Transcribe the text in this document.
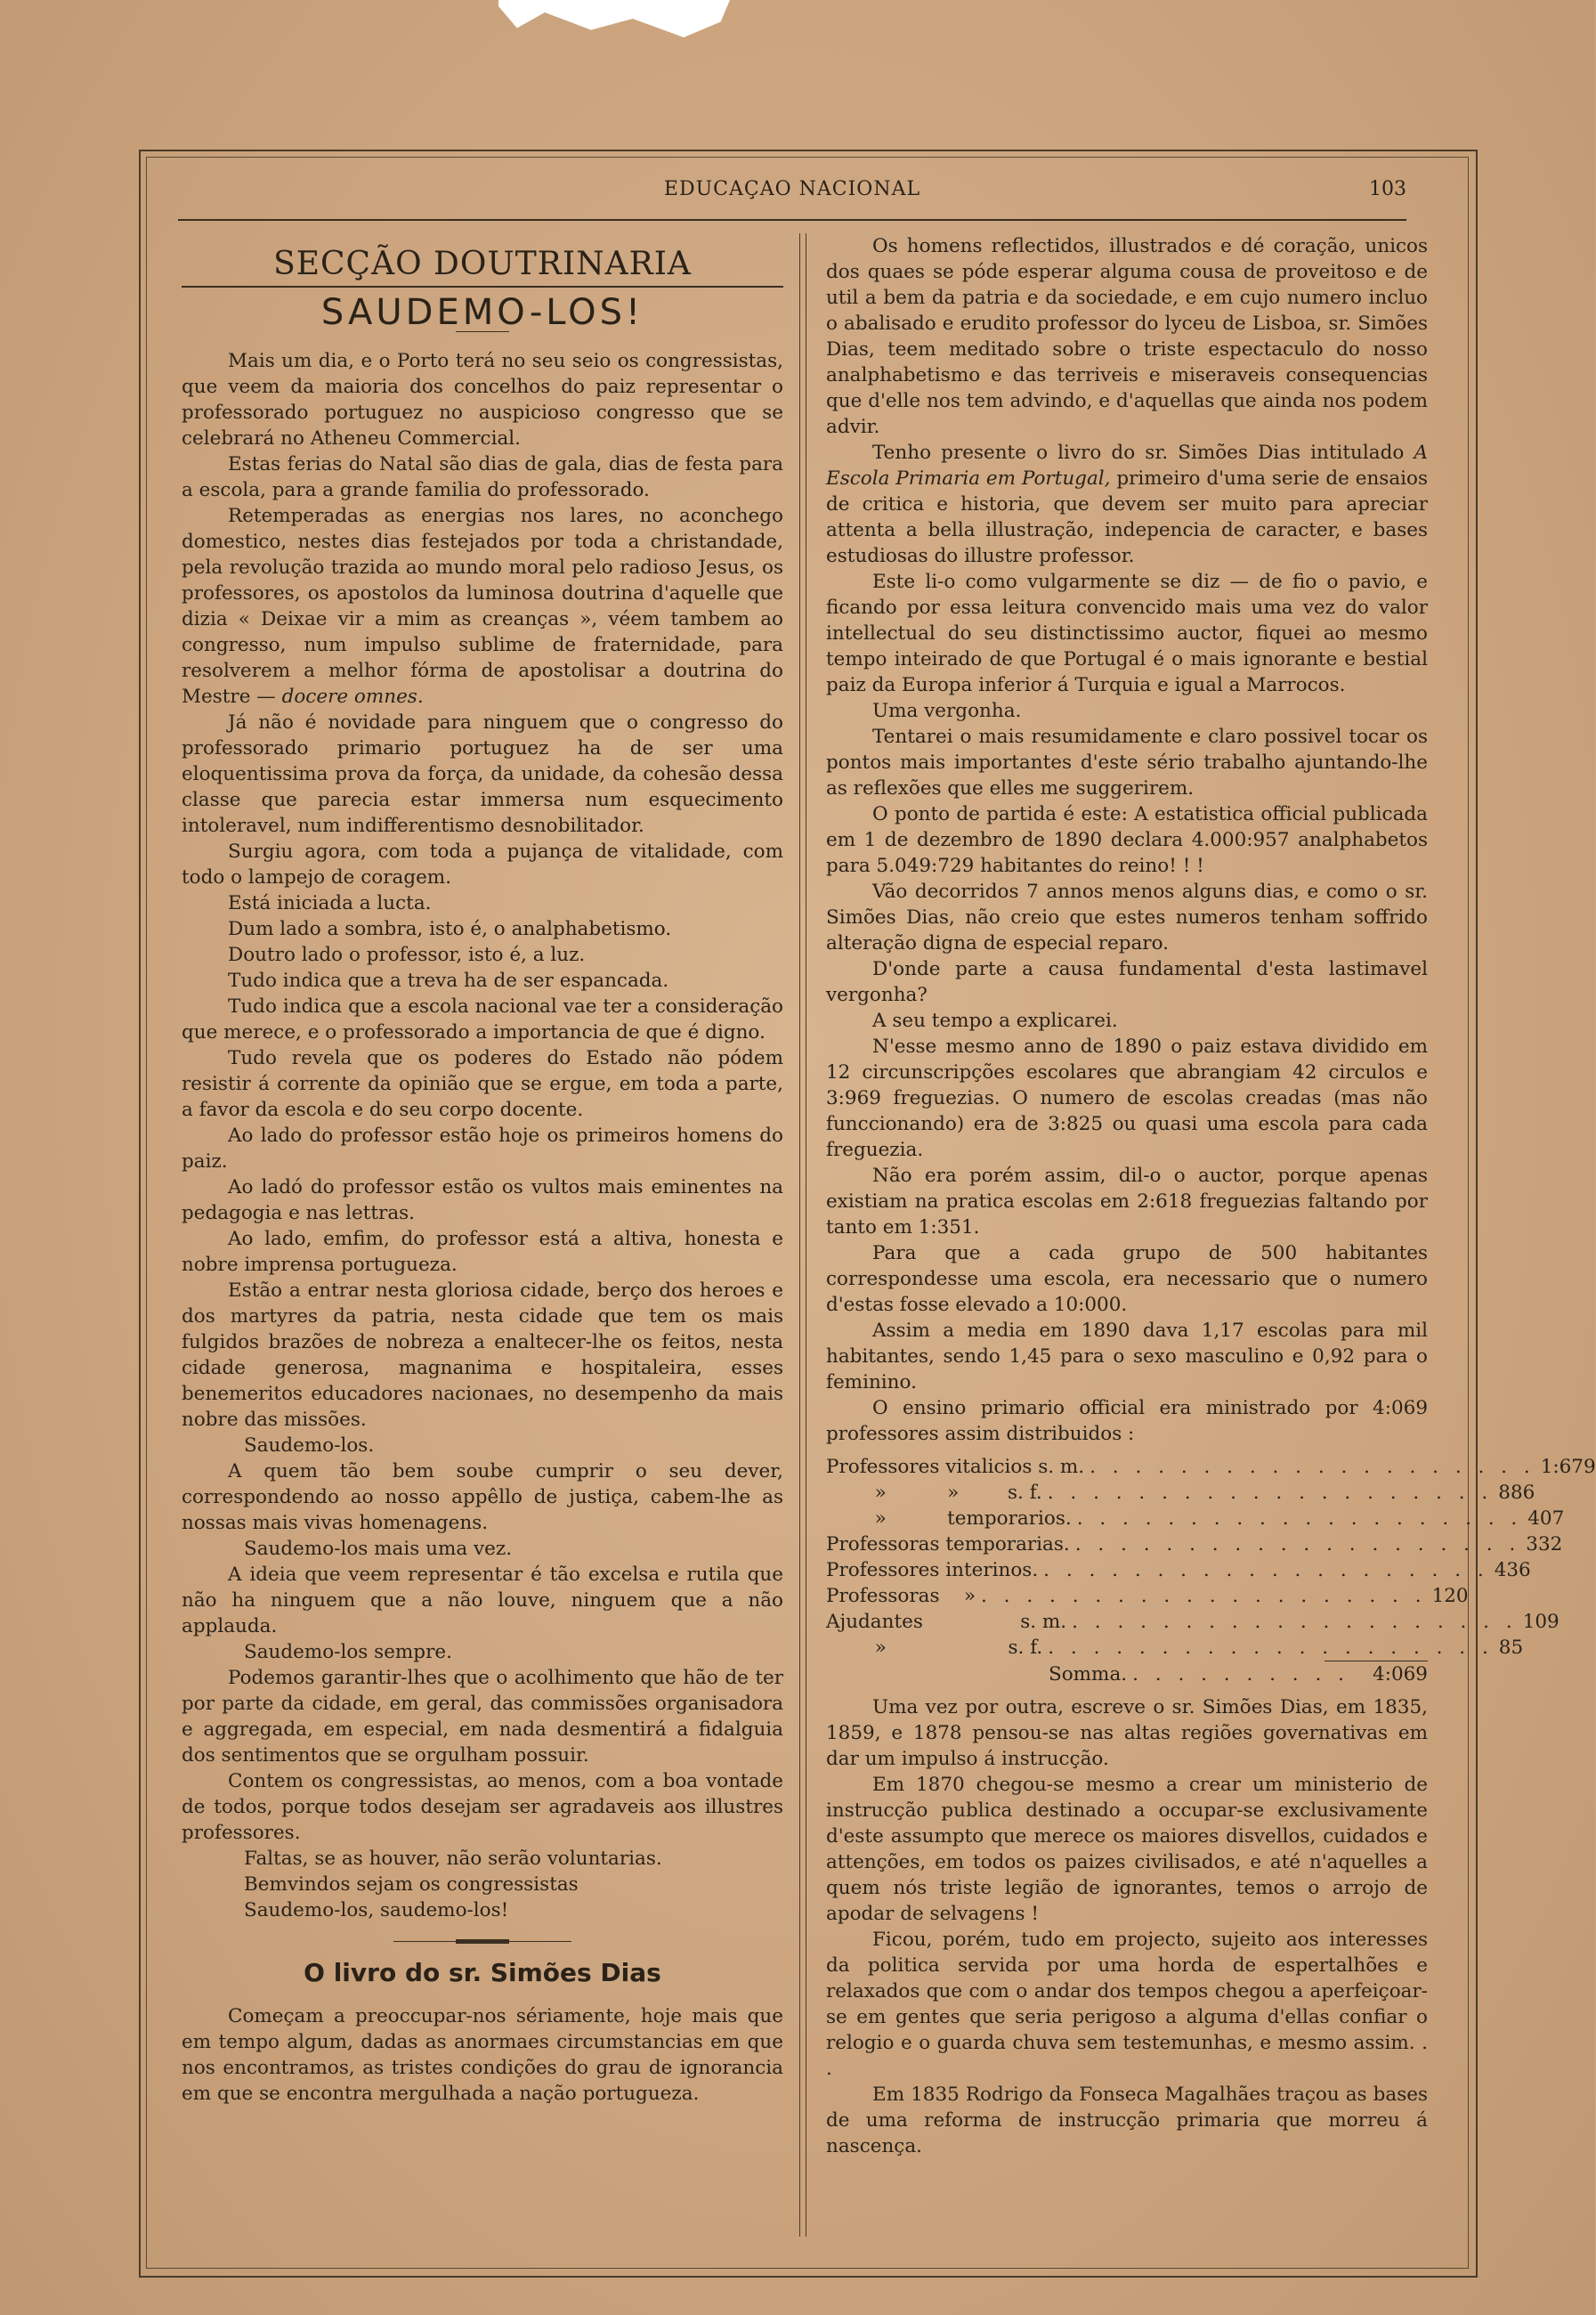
EDUCAÇAO NACIONAL	103
SECÇÃO DOUTRINARIA
SAUDEMO-LOS!

Mais um dia, e o Porto terá no seu seio os congressistas, que veem da maioria dos concelhos do paiz representar o professorado portuguez no auspicioso congresso que se celebrará no Atheneu Commercial.

Estas ferias do Natal são dias de gala, dias de festa para a escola, para a grande familia do professorado.

Retemperadas as energias nos lares, no aconchego domestico, nestes dias festejados por toda a christandade, pela revolução trazida ao mundo moral pelo radioso Jesus, os professores, os apostolos da luminosa doutrina d'aquelle que dizia « Deixae vir a mim as creanças », véem tambem ao congresso, num impulso sublime de fraternidade, para resolverem a melhor fórma de apostolisar a doutrina do Mestre — docere omnes.

Já não é novidade para ninguem que o congresso do professorado primario portuguez ha de ser uma eloquentissima prova da força, da unidade, da cohesão dessa classe que parecia estar immersa num esquecimento intoleravel, num indifferentismo desnobilitador.

Surgiu agora, com toda a pujança de vitalidade, com todo o lampejo de coragem.

Está iniciada a lucta.

Dum lado a sombra, isto é, o analphabetismo.

Doutro lado o professor, isto é, a luz.

Tudo indica que a treva ha de ser espancada.

Tudo indica que a escola nacional vae ter a consideração que merece, e o professorado a importancia de que é digno.

Tudo revela que os poderes do Estado não pódem resistir á corrente da opinião que se ergue, em toda a parte, a favor da escola e do seu corpo docente.

Ao lado do professor estão hoje os primeiros homens do paiz.

Ao ladó do professor estão os vultos mais eminentes na pedagogia e nas lettras.

Ao lado, emfim, do professor está a altiva, honesta e nobre imprensa portugueza.

Estão a entrar nesta gloriosa cidade, berço dos heroes e dos martyres da patria, nesta cidade que tem os mais fulgidos brazões de nobreza a enaltecer-lhe os feitos, nesta cidade generosa, magnanima e hospitaleira, esses benemeritos educadores nacionaes, no desempenho da mais nobre das missões.

Saudemo-los.

A quem tão bem soube cumprir o seu dever, correspondendo ao nosso appêllo de justiça, cabem-lhe as nossas mais vivas homenagens.

Saudemo-los mais uma vez.

A ideia que veem representar é tão excelsa e rutila que não ha ninguem que a não louve, ninguem que a não applauda.

Saudemo-los sempre.

Podemos garantir-lhes que o acolhimento que hão de ter por parte da cidade, em geral, das commissões organisadora e aggregada, em especial, em nada desmentirá a fidalguia dos sentimentos que se orgulham possuir.

Contem os congressistas, ao menos, com a boa vontade de todos, porque todos desejam ser agradaveis aos illustres professores.

Faltas, se as houver, não serão voluntarias.

Bemvindos sejam os congressistas

Saudemo-los, saudemo-los!

O livro do sr. Simões Dias

Começam a preoccupar-nos sériamente, hoje mais que em tempo algum, dadas as anormaes circumstancias em que nos encontramos, as tristes condições do grau de ignorancia em que se encontra mergulhada a nação portugueza.

Os homens reflectidos, illustrados e dé coração, unicos dos quaes se póde esperar alguma cousa de proveitoso e de util a bem da patria e da sociedade, e em cujo numero incluo o abalisado e erudito professor do lyceu de Lisboa, sr. Simões Dias, teem meditado sobre o triste espectaculo do nosso analphabetismo e das terriveis e miseraveis consequencias que d'elle nos tem advindo, e d'aquellas que ainda nos podem advir.

Tenho presente o livro do sr. Simões Dias intitulado A Escola Primaria em Portugal, primeiro d'uma serie de ensaios de critica e historia, que devem ser muito para apreciar attenta a bella illustração, indepencia de caracter, e bases estudiosas do illustre professor.

Este li-o como vulgarmente se diz — de fio o pavio, e ficando por essa leitura convencido mais uma vez do valor intellectual do seu distinctissimo auctor, fiquei ao mesmo tempo inteirado de que Portugal é o mais ignorante e bestial paiz da Europa inferior á Turquia e igual a Marrocos.

Uma vergonha.

Tentarei o mais resumidamente e claro possivel tocar os pontos mais importantes d'este sério trabalho ajuntando-lhe as reflexões que elles me suggerirem.

O ponto de partida é este: A estatistica official publicada em 1 de dezembro de 1890 declara 4.000:957 analphabetos para 5.049:729 habitantes do reino! ! !

Vão decorridos 7 annos menos alguns dias, e como o sr. Simões Dias, não creio que estes numeros tenham soffrido alteração digna de especial reparo.

D'onde parte a causa fundamental d'esta lastimavel vergonha?

A seu tempo a explicarei.

N'esse mesmo anno de 1890 o paiz estava dividido em 12 circunscripções escolares que abrangiam 42 circulos e 3:969 freguezias. O numero de escolas creadas (mas não funccionando) era de 3:825 ou quasi uma escola para cada freguezia.

Não era porém assim, dil-o o auctor, porque apenas existiam na pratica escolas em 2:618 freguezias faltando por tanto em 1:351.

Para que a cada grupo de 500 habitantes correspondesse uma escola, era necessario que o numero d'estas fosse elevado a 10:000.

Assim a media em 1890 dava 1,17 escolas para mil habitantes, sendo 1,45 para o sexo masculino e 0,92 para o feminino.

O ensino primario official era ministrado por 4:069 professores assim distribuidos :

Professores vitalicios s. m. . . . . . . . . . . . . . . . . . . . . 1:679
»          »        s. f. . . . . . . . . . . . . . . . . . . . . 886
»          temporarios. . . . . . . . . . . . . . . . . . . . . 407
Professoras temporarias. . . . . . . . . . . . . . . . . . . . . 332
Professores interinos. . . . . . . . . . . . . . . . . . . . . 436
Professoras    » . . . . . . . . . . . . . . . . . . . . 120
Ajudantes                s. m. . . . . . . . . . . . . . . . . . . . . 109
»                    s. f. . . . . . . . . . . . . . . . . . . . . 85
Somma. . . . . . . . . . .	4:069

Uma vez por outra, escreve o sr. Simões Dias, em 1835, 1859, e 1878 pensou-se nas altas regiões governativas em dar um impulso á instrucção.

Em 1870 chegou-se mesmo a crear um ministerio de instrucção publica destinado a occupar-se exclusivamente d'este assumpto que merece os maiores disvellos, cuidados e attenções, em todos os paizes civilisados, e até n'aquelles a quem nós triste legião de ignorantes, temos o arrojo de apodar de selvagens !

Ficou, porém, tudo em projecto, sujeito aos interesses da politica servida por uma horda de espertalhões e relaxados que com o andar dos tempos chegou a aperfeiçoar-se em gentes que seria perigoso a alguma d'ellas confiar o relogio e o guarda chuva sem testemunhas, e mesmo assim. . .

Em 1835 Rodrigo da Fonseca Magalhães traçou as bases de uma reforma de instrucção primaria que morreu á nascença.
